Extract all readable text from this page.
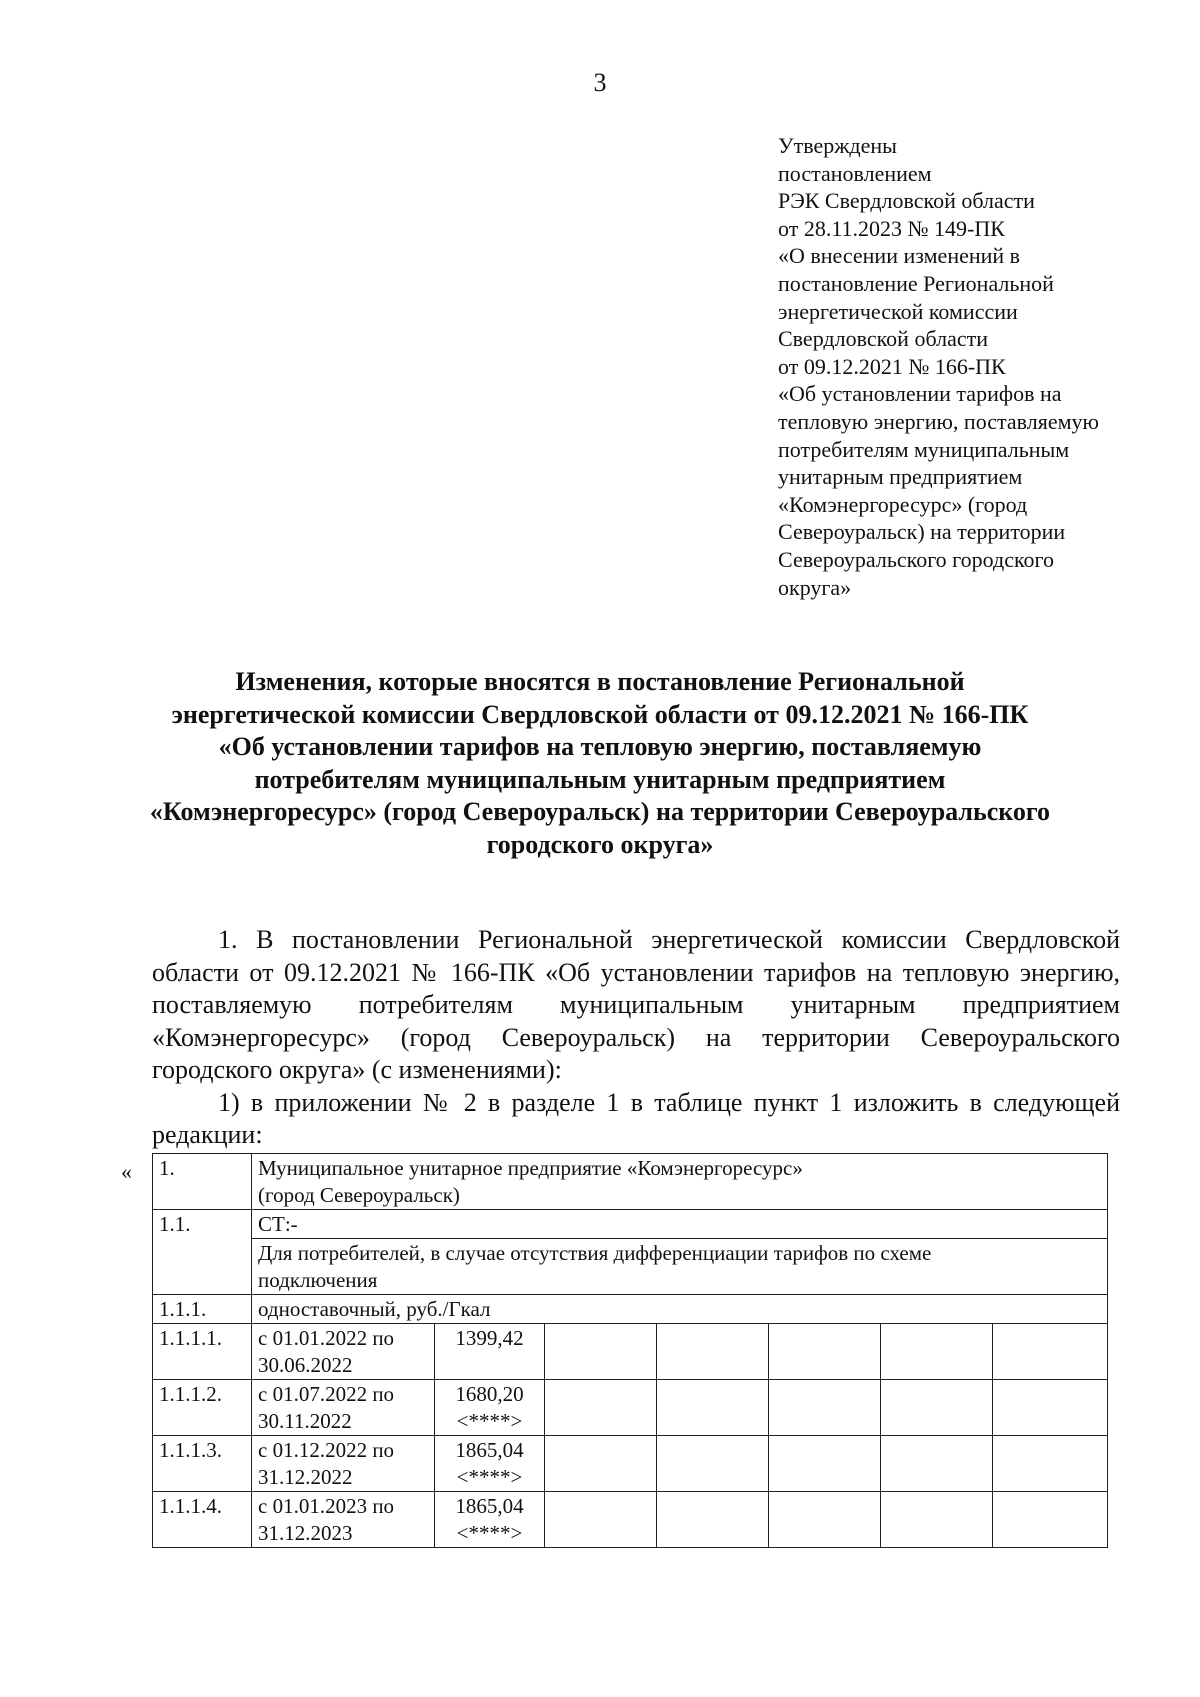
3
Утверждены
постановлением
РЭК Свердловской области
от 28.11.2023 № 149-ПК
«О внесении изменений в
постановление Региональной
энергетической комиссии
Свердловской области
от 09.12.2021 № 166-ПК
«Об установлении тарифов на
тепловую энергию, поставляемую
потребителям муниципальным
унитарным предприятием
«Комэнергоресурс» (город
Североуральск) на территории
Североуральского городского
округа»
Изменения, которые вносятся в постановление Региональной
энергетической комиссии Свердловской области от 09.12.2021 № 166-ПК
«Об установлении тарифов на тепловую энергию, поставляемую
потребителям муниципальным унитарным предприятием
«Комэнергоресурс» (город Североуральск) на территории Североуральского
городского округа»

1. В постановлении Региональной энергетической комиссии Свердловской области от 09.12.2021 № 166-ПК «Об установлении тарифов на тепловую энергию, поставляемую потребителям муниципальным унитарным предприятием «Комэнергоресурс» (город Североуральск) на территории Североуральского городского округа» (с изменениями):

1) в приложении № 2 в разделе 1 в таблице пункт 1 изложить в следующей редакции:

« 1.	Муниципальное унитарное предприятие «Комэнергоресурс»
(город Североуральск)						

1.1.	СТ:-						

	Для потребителей, в случае отсутствия дифференциации тарифов по схеме
подключения						

1.1.1.	одноставочный, руб./Гкал						
1.1.1.1.	с 01.01.2022 по
30.06.2022	1399,42					

1.1.1.2.	с 01.07.2022 по
30.11.2022	1680,20
<****>					

1.1.1.3.	с 01.12.2022 по
31.12.2022	1865,04
<****>					

1.1.1.4.	с 01.01.2023 по
31.12.2023	1865,04
<****>					
